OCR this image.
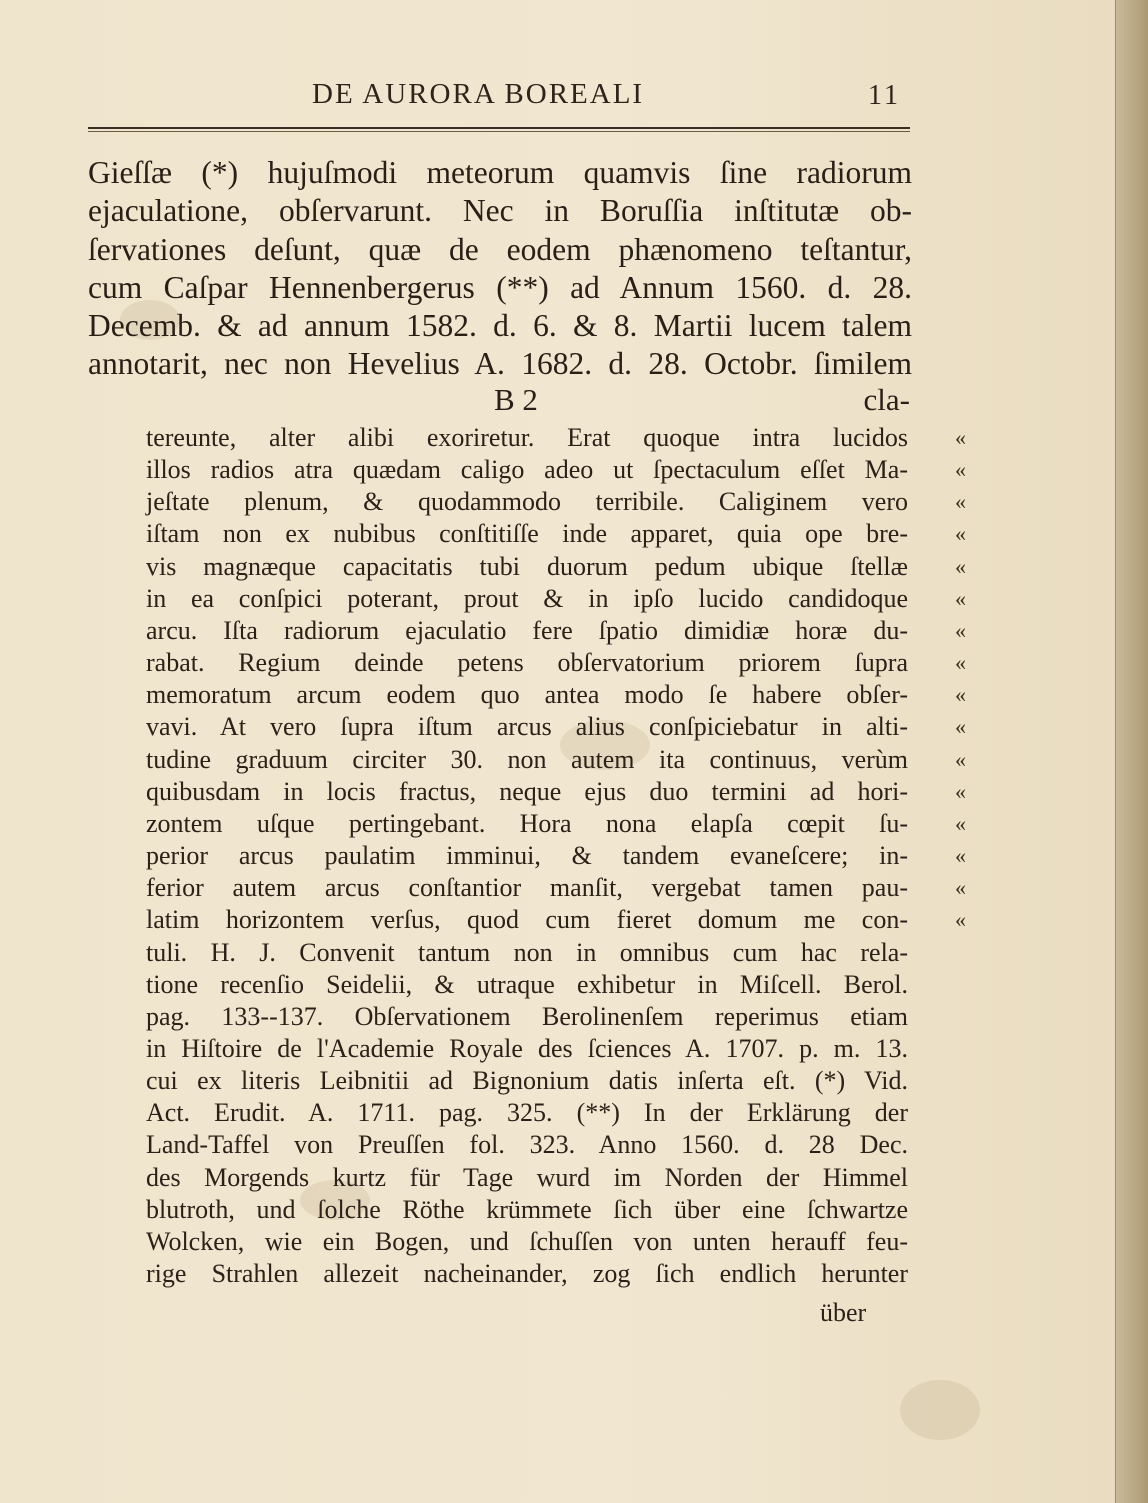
DE AURORA BOREALI	11
Gieſſæ (*) hujuſmodi meteorum quamvis ſine radiorum
ejaculatione, obſervarunt. Nec in Boruſſia inſtitutæ ob-
ſervationes deſunt, quæ de eodem phænomeno teſtantur,
cum Caſpar Hennenbergerus (**) ad Annum 1560. d. 28.
Decemb. & ad annum 1582. d. 6. & 8. Martii lucem talem
annotarit, nec non Hevelius A. 1682. d. 28. Octobr. ſimilem
B 2	cla-
tereunte, alter alibi exoriretur. Erat quoque intra lucidos «
illos radios atra quædam caligo adeo ut ſpectaculum eſſet Ma- «
jeſtate plenum, & quodammodo terribile. Caliginem vero «
iſtam non ex nubibus conſtitiſſe inde apparet, quia ope bre- «
vis magnæque capacitatis tubi duorum pedum ubique ſtellæ «
in ea conſpici poterant, prout & in ipſo lucido candidoque «
arcu. Iſta radiorum ejaculatio fere ſpatio dimidiæ horæ du- «
rabat. Regium deinde petens obſervatorium priorem ſupra «
memoratum arcum eodem quo antea modo ſe habere obſer- «
vavi. At vero ſupra iſtum arcus alius conſpiciebatur in alti- «
tudine graduum circiter 30. non autem ita continuus, verùm «
quibusdam in locis fractus, neque ejus duo termini ad hori- «
zontem uſque pertingebant. Hora nona elapſa cœpit ſu- «
perior arcus paulatim imminui, & tandem evaneſcere; in- «
ferior autem arcus conſtantior manſit, vergebat tamen pau- «
latim horizontem verſus, quod cum fieret domum me con- «
tuli. H. J. Convenit tantum non in omnibus cum hac rela-
tione recenſio Seidelii, & utraque exhibetur in Miſcell. Berol.
pag. 133--137. Obſervationem Berolinenſem reperimus etiam
in Hiſtoire de l'Academie Royale des ſciences A. 1707. p. m. 13.
cui ex literis Leibnitii ad Bignonium datis inſerta eſt. (*) Vid.
Act. Erudit. A. 1711. pag. 325. (**) In der Erklärung der
Land-Taffel von Preuſſen fol. 323. Anno 1560. d. 28 Dec.
des Morgends kurtz für Tage wurd im Norden der Himmel
blutroth, und ſolche Röthe krümmete ſich über eine ſchwartze
Wolcken, wie ein Bogen, und ſchuſſen von unten herauff feu-
rige Strahlen allezeit nacheinander, zog ſich endlich herunter
über
